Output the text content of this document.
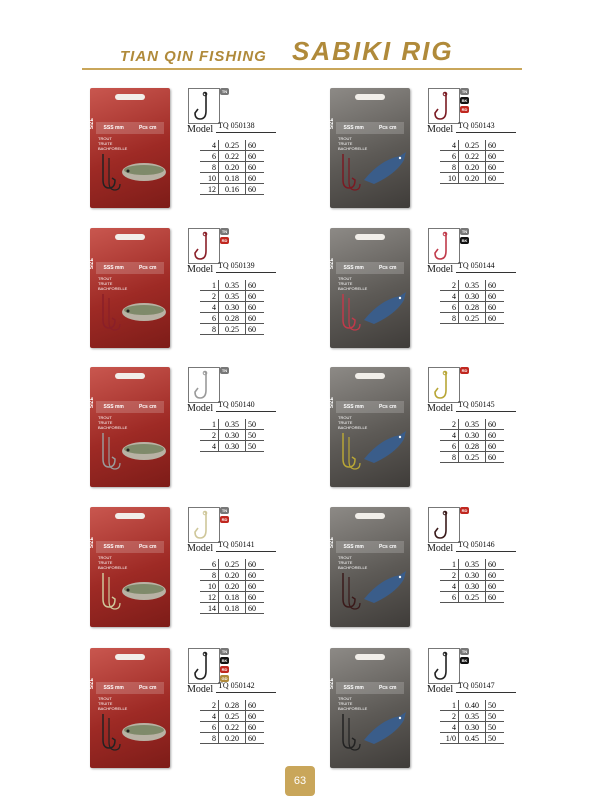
TIAN QIN FISHING SABIKI RIG
SIZE SSS mm	Pcs cm
TROUT
TRUITE
BACHFORELLE
TN
Model TQ 050138
4	0.25	60
6	0.22	60
8	0.20	60
10	0.18	60
12	0.16	60
SIZE SSS mm	Pcs cm
TROUT
TRUITE
BACHFORELLE
TN
BK
RD
Model TQ 050143
4	0.25	60
6	0.22	60
8	0.20	60
10	0.20	60
SIZE SSS mm	Pcs cm
TROUT
TRUITE
BACHFORELLE
TN
RD
Model TQ 050139
1	0.35	60
2	0.35	60
4	0.30	60
6	0.28	60
8	0.25	60
SIZE SSS mm	Pcs cm
TROUT
TRUITE
BACHFORELLE
TN
BK
Model TQ 050144
2	0.35	60
4	0.30	60
6	0.28	60
8	0.25	60
SIZE SSS mm	Pcs cm
TROUT
TRUITE
BACHFORELLE
TN
Model TQ 050140
1	0.35	50
2	0.30	50
4	0.30	50
SIZE SSS mm	Pcs cm
TROUT
TRUITE
BACHFORELLE
RD
Model TQ 050145
2	0.35	60
4	0.30	60
6	0.28	60
8	0.25	60
SIZE SSS mm	Pcs cm
TROUT
TRUITE
BACHFORELLE
TN
RD
Model TQ 050141
6	0.25	60
8	0.20	60
10	0.20	60
12	0.18	60
14	0.18	60
SIZE SSS mm	Pcs cm
TROUT
TRUITE
BACHFORELLE
RD
Model TQ 050146
1	0.35	60
2	0.30	60
4	0.30	60
6	0.25	60
SIZE SSS mm	Pcs cm
TROUT
TRUITE
BACHFORELLE
TN
BK
RD
GD
Model TQ 050142
2	0.28	60
4	0.25	60
6	0.22	60
8	0.20	60
SIZE SSS mm	Pcs cm
TROUT
TRUITE
BACHFORELLE
TN
BK
Model TQ 050147
1	0.40	50
2	0.35	50
4	0.30	50
1/0	0.45	50
63
